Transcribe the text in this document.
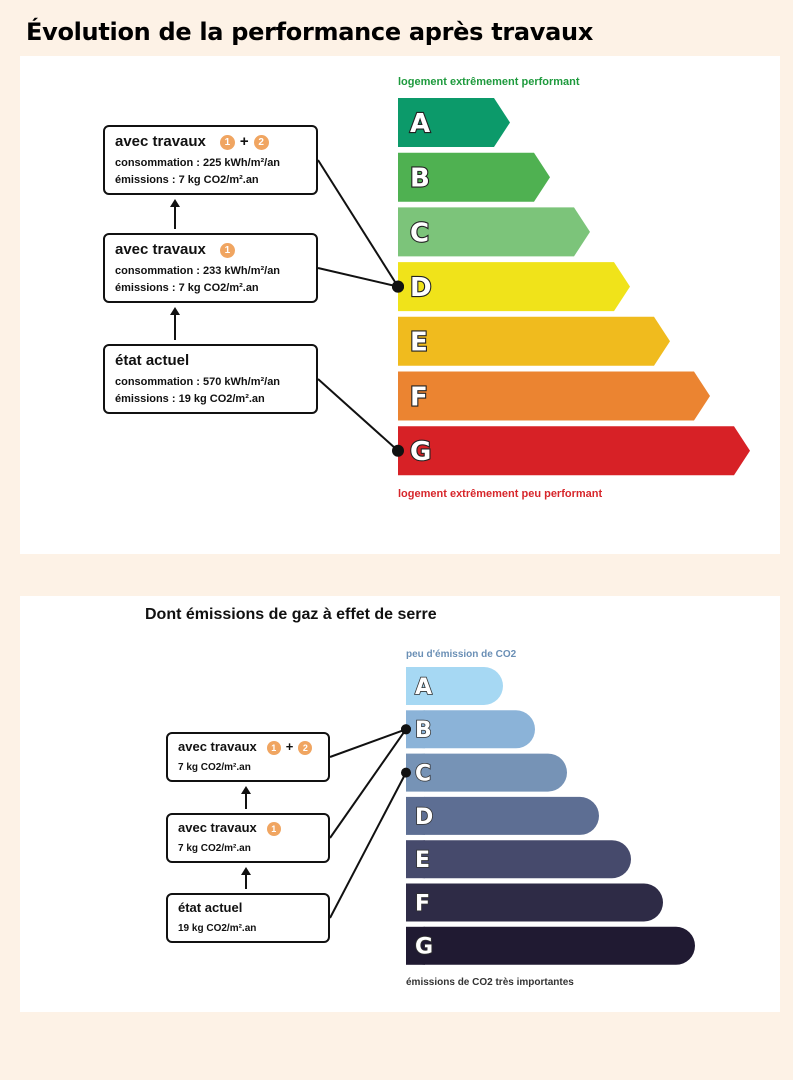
Évolution de la performance après travaux
Dont émissions de gaz à effet de serre
logement extrêmement performant
logement extrêmement peu performant
avec travaux 1 + 2
consommation : 225 kWh/m²/an
émissions : 7 kg CO2/m².an
avec travaux 1
consommation : 233 kWh/m²/an
émissions : 7 kg CO2/m².an
état actuel
consommation : 570 kWh/m²/an
émissions : 19 kg CO2/m².an
peu d'émission de CO2
émissions de CO2 très importantes
avec travaux 1 + 2
7 kg CO2/m².an
avec travaux 1
7 kg CO2/m².an
état actuel
19 kg CO2/m².an
A
B
C
D
E
F
G
A
B
C
D
E
F
G
